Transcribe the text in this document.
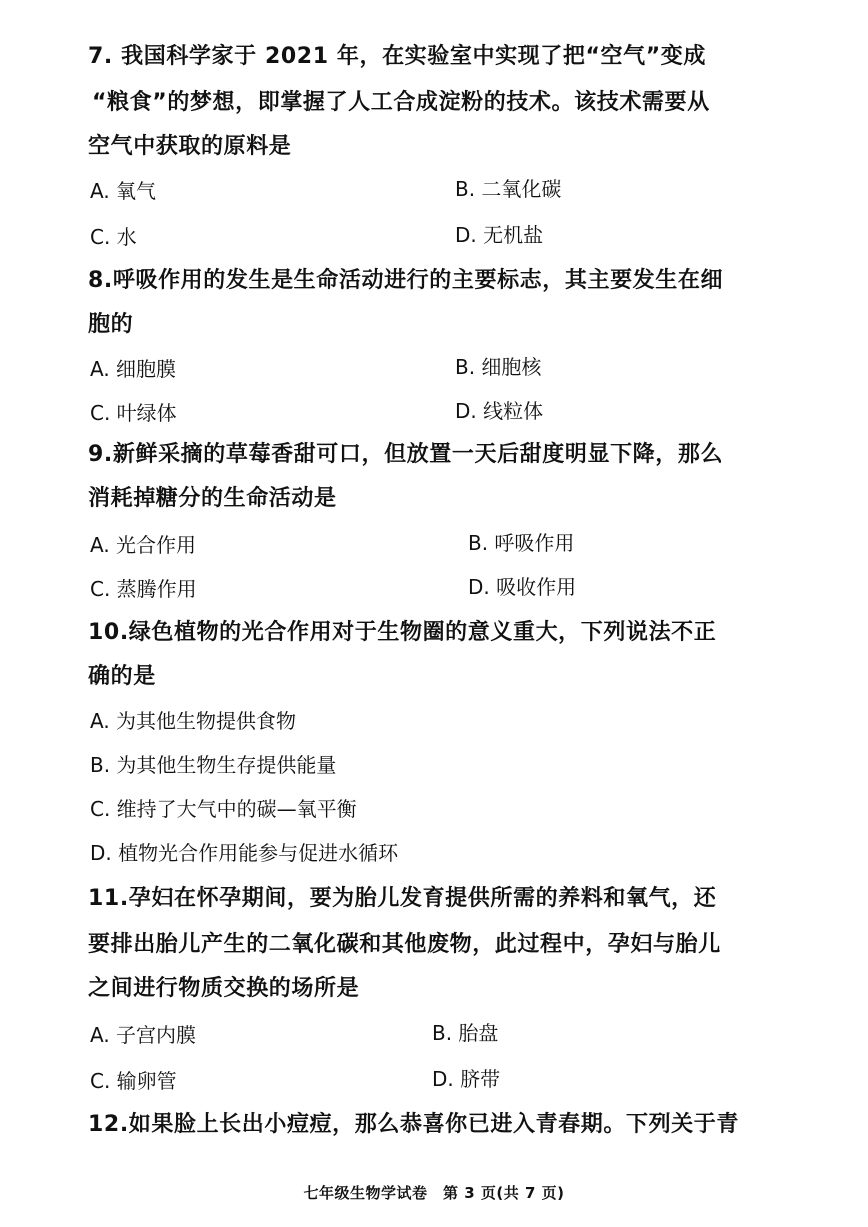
7. 我国科学家于 2021 年，在实验室中实现了把“空气”变成
“粮食”的梦想，即掌握了人工合成淀粉的技术。该技术需要从
空气中获取的原料是
A. 氧气	B. 二氧化碳
C. 水	D. 无机盐
8.呼吸作用的发生是生命活动进行的主要标志，其主要发生在细
胞的
A. 细胞膜	B. 细胞核
C. 叶绿体	D. 线粒体
9.新鲜采摘的草莓香甜可口，但放置一天后甜度明显下降，那么
消耗掉糖分的生命活动是
A. 光合作用	B. 呼吸作用
C. 蒸腾作用	D. 吸收作用
10.绿色植物的光合作用对于生物圈的意义重大，下列说法不正
确的是
A. 为其他生物提供食物
B. 为其他生物生存提供能量
C. 维持了大气中的碳—氧平衡
D. 植物光合作用能参与促进水循环
11.孕妇在怀孕期间，要为胎儿发育提供所需的养料和氧气，还
要排出胎儿产生的二氧化碳和其他废物，此过程中，孕妇与胎儿
之间进行物质交换的场所是
A. 子宫内膜	B. 胎盘
C. 输卵管	D. 脐带
12.如果脸上长出小痘痘，那么恭喜你已进入青春期。下列关于青
七年级生物学试卷　第 3 页(共 7 页)
